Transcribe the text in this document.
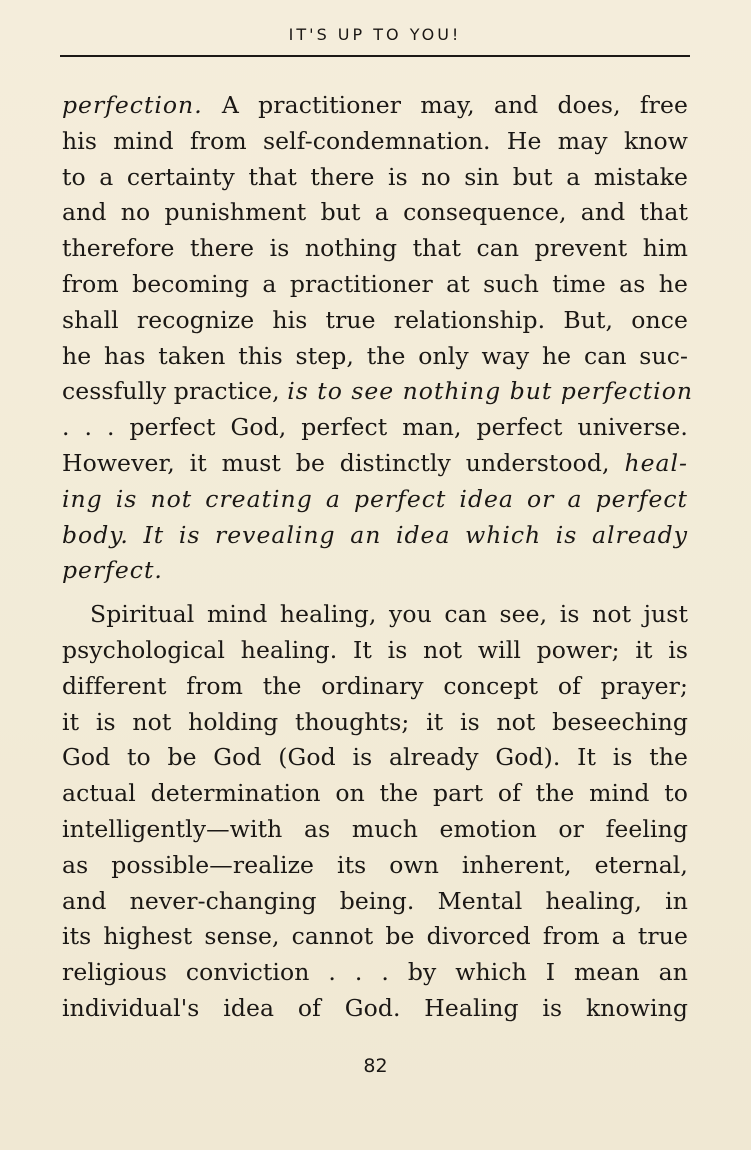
IT'S UP TO YOU!
perfection. A practitioner may, and does, free
his mind from self-condemnation. He may know
to a certainty that there is no sin but a mistake
and no punishment but a consequence, and that
therefore there is nothing that can prevent him
from becoming a practitioner at such time as he
shall recognize his true relationship. But, once
he has taken this step, the only way he can suc-
cessfully practice, is to see nothing but perfection
. . . perfect God, perfect man, perfect universe.
However, it must be distinctly understood, heal-
ing is not creating a perfect idea or a perfect
body. It is revealing an idea which is already
perfect.
Spiritual mind healing, you can see, is not just
psychological healing. It is not will power; it is
different from the ordinary concept of prayer;
it is not holding thoughts; it is not beseeching
God to be God (God is already God). It is the
actual determination on the part of the mind to
intelligently—with as much emotion or feeling
as possible—realize its own inherent, eternal,
and never-changing being. Mental healing, in
its highest sense, cannot be divorced from a true
religious conviction . . . by which I mean an
individual's idea of God. Healing is knowing
82
